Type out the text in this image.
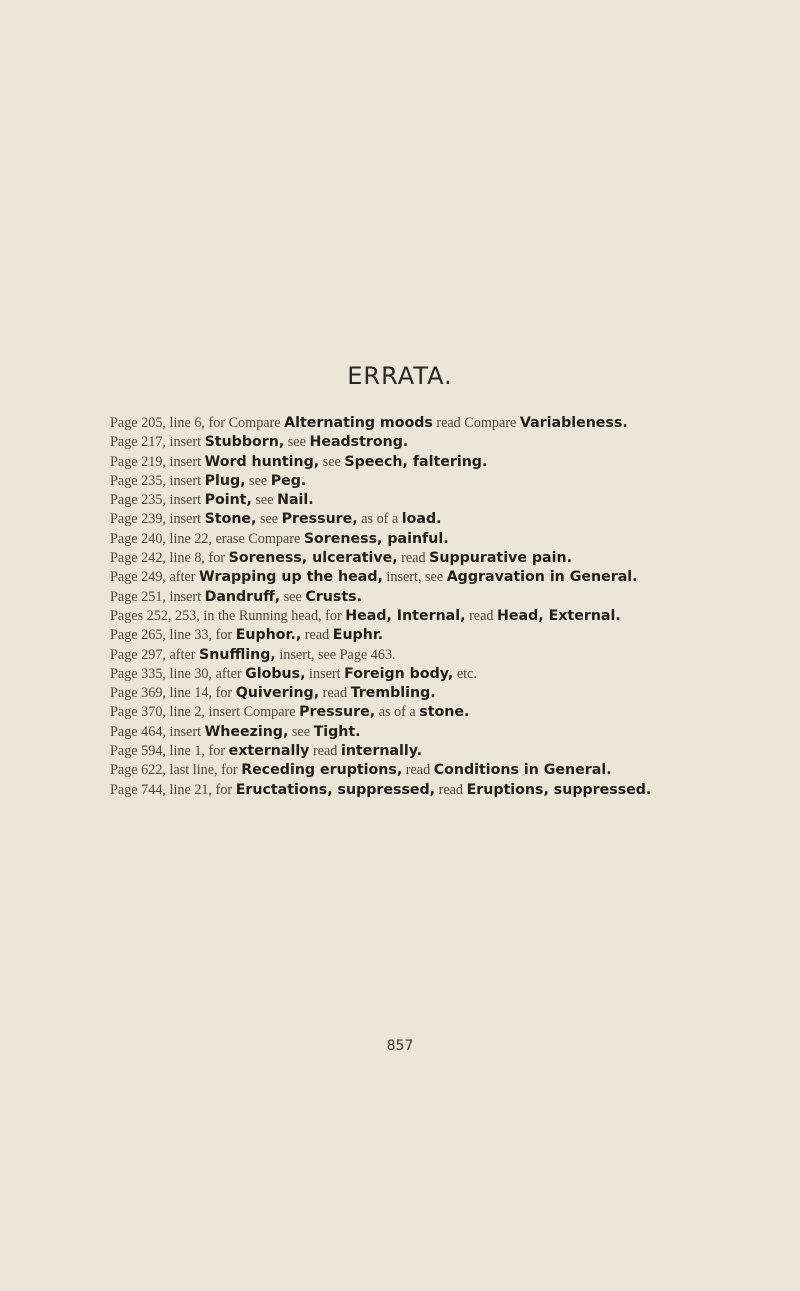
ERRATA.
Page 205, line 6, for Compare Alternating moods read Compare Variableness.
Page 217, insert Stubborn, see Headstrong.
Page 219, insert Word hunting, see Speech, faltering.
Page 235, insert Plug, see Peg.
Page 235, insert Point, see Nail.
Page 239, insert Stone, see Pressure, as of a load.
Page 240, line 22, erase Compare Soreness, painful.
Page 242, line 8, for Soreness, ulcerative, read Suppurative pain.
Page 249, after Wrapping up the head, insert, see Aggravation in General.
Page 251, insert Dandruff, see Crusts.
Pages 252, 253, in the Running head, for Head, Internal, read Head, External.
Page 265, line 33, for Euphor., read Euphr.
Page 297, after Snuffling, insert, see Page 463.
Page 335, line 30, after Globus, insert Foreign body, etc.
Page 369, line 14, for Quivering, read Trembling.
Page 370, line 2, insert Compare Pressure, as of a stone.
Page 464, insert Wheezing, see Tight.
Page 594, line 1, for externally read internally.
Page 622, last line, for Receding eruptions, read Conditions in General.
Page 744, line 21, for Eructations, suppressed, read Eruptions, suppressed.
857
